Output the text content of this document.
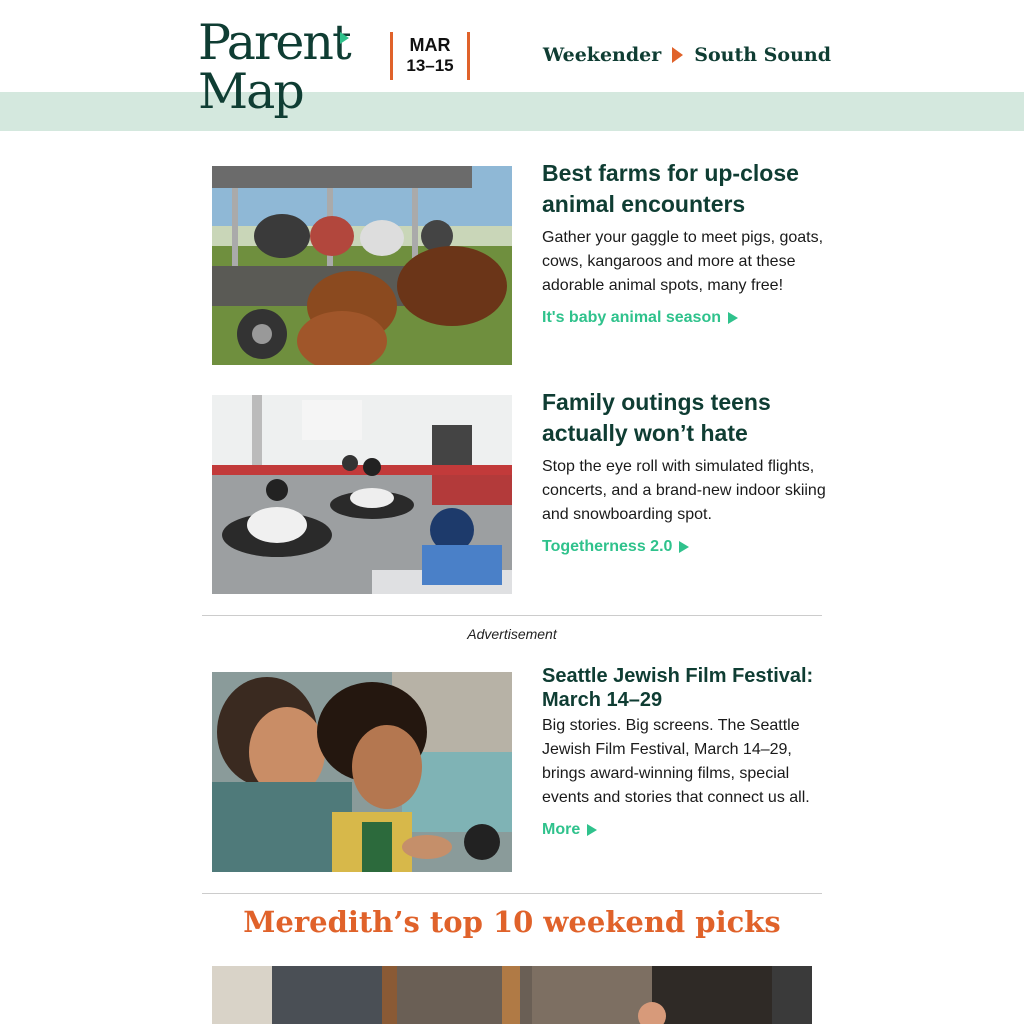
Parent
Map
MAR
13–15	Weekender South Sound
Best farms for up-close animal encounters

Gather your gaggle to meet pigs, goats, cows, kangaroos and more at these adorable animal spots, many free!

It's baby animal season
Family outings teens actually won’t hate

Stop the eye roll with simulated flights, concerts, and a brand-new indoor skiing and snowboarding spot.

Togetherness 2.0
Advertisement
Seattle Jewish Film Festival: March 14–29

Big stories. Big screens. The Seattle Jewish Film Festival, March 14–29, brings award-winning films, special events and stories that connect us all.

More
Meredith’s top 10 weekend picks
